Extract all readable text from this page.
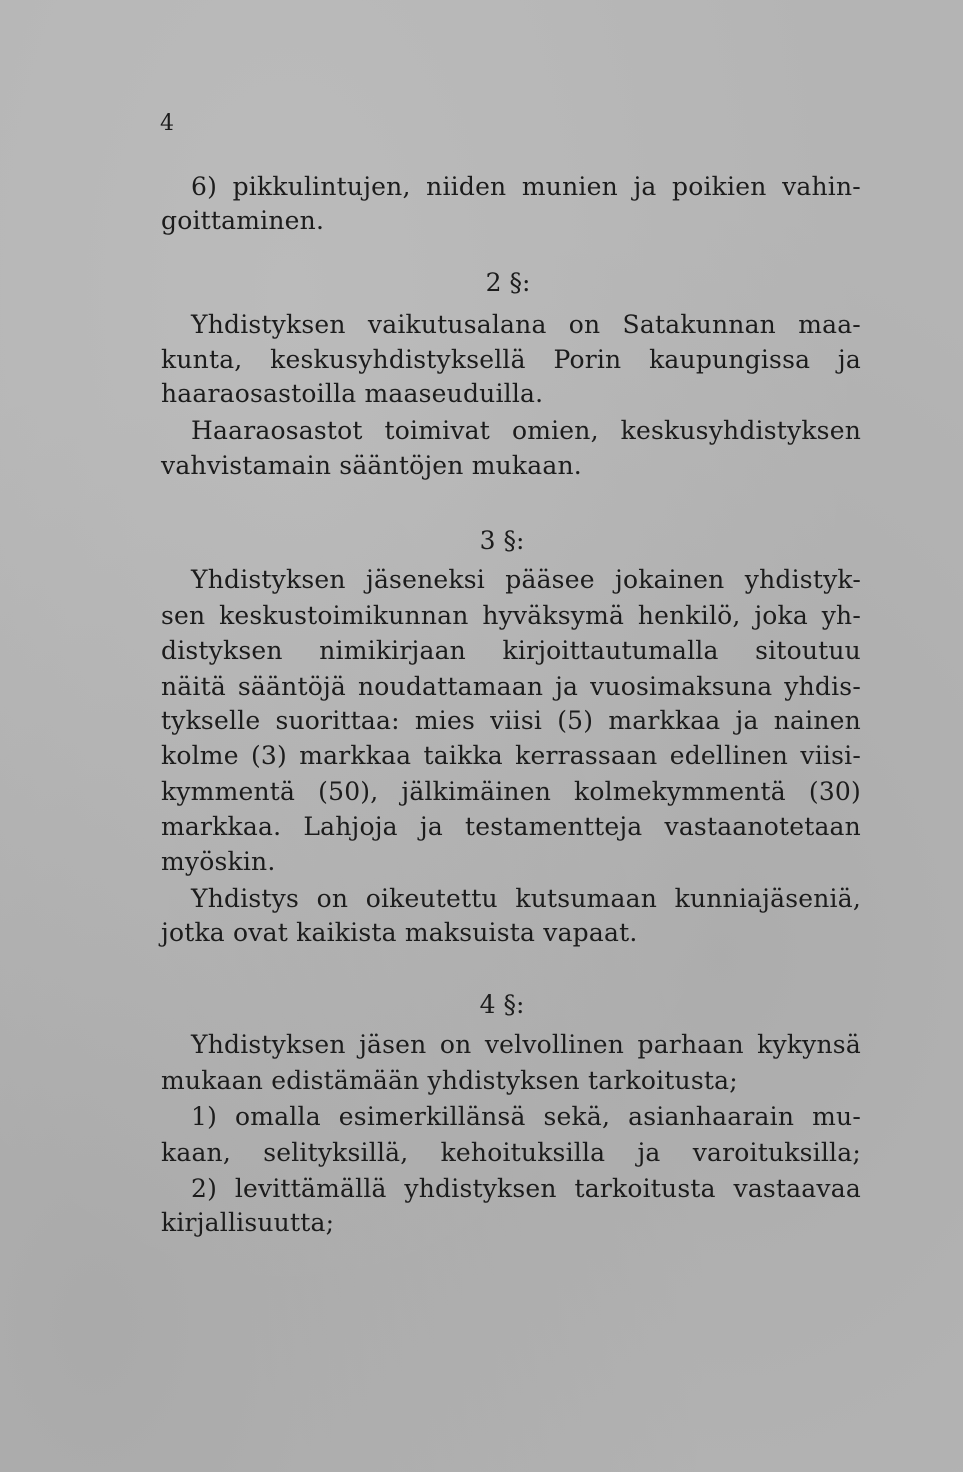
4
6) pikkulintujen, niiden munien ja poikien vahin-
goittaminen.
2 §:
Yhdistyksen vaikutusalana on Satakunnan maa-
kunta, keskusyhdistyksellä Porin kaupungissa ja
haaraosastoilla maaseuduilla.
Haaraosastot toimivat omien, keskusyhdistyksen
vahvistamain sääntöjen mukaan.
3 §:
Yhdistyksen jäseneksi pääsee jokainen yhdistyk-
sen keskustoimikunnan hyväksymä henkilö, joka yh-
distyksen nimikirjaan kirjoittautumalla sitoutuu
näitä sääntöjä noudattamaan ja vuosimaksuna yhdis-
tykselle suorittaa: mies viisi (5) markkaa ja nainen
kolme (3) markkaa taikka kerrassaan edellinen viisi-
kymmentä (50), jälkimäinen kolmekymmentä (30)
markkaa. Lahjoja ja testamentteja vastaanotetaan
myöskin.
Yhdistys on oikeutettu kutsumaan kunniajäseniä,
jotka ovat kaikista maksuista vapaat.
4 §:
Yhdistyksen jäsen on velvollinen parhaan kykynsä
mukaan edistämään yhdistyksen tarkoitusta;
1) omalla esimerkillänsä sekä, asianhaarain mu-
kaan, selityksillä, kehoituksilla ja varoituksilla;
2) levittämällä yhdistyksen tarkoitusta vastaavaa
kirjallisuutta;
